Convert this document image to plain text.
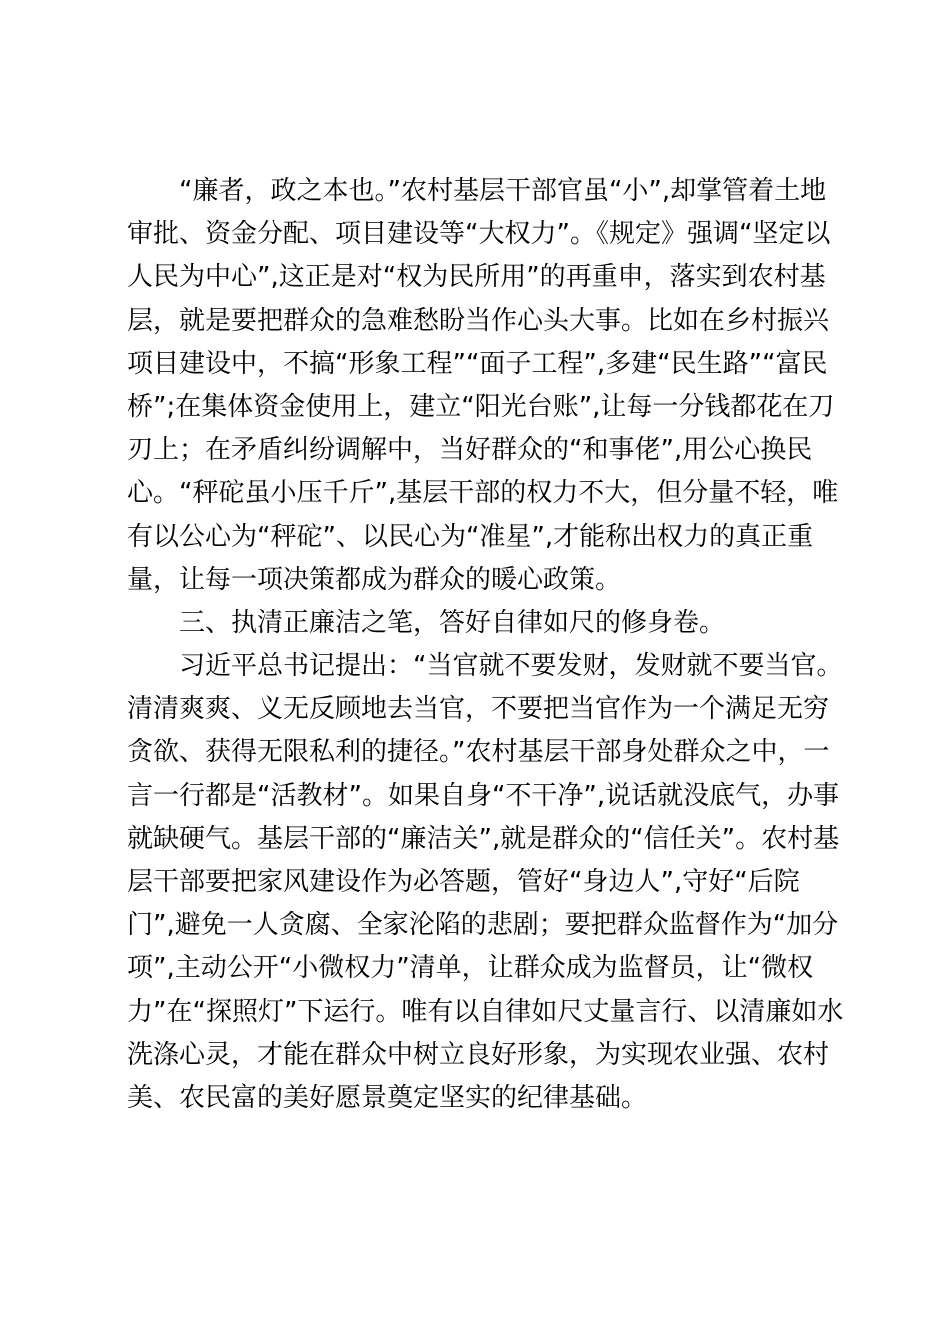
“廉者，政之本也。”农村基层干部官虽“小”,却掌管着土地
审批、资金分配、项目建设等“大权力”。《规定》强调“坚定以
人民为中心”,这正是对“权为民所用”的再重申，落实到农村基
层，就是要把群众的急难愁盼当作心头大事。比如在乡村振兴
项目建设中，不搞“形象工程”“面子工程”,多建“民生路”“富民
桥”;在集体资金使用上，建立“阳光台账”,让每一分钱都花在刀
刃上；在矛盾纠纷调解中，当好群众的“和事佬”,用公心换民
心。“秤砣虽小压千斤”,基层干部的权力不大，但分量不轻，唯
有以公心为“秤砣”、以民心为“准星”,才能称出权力的真正重
量，让每一项决策都成为群众的暖心政策。
三、执清正廉洁之笔，答好自律如尺的修身卷。
习近平总书记提出：“当官就不要发财，发财就不要当官。
清清爽爽、义无反顾地去当官，不要把当官作为一个满足无穷
贪欲、获得无限私利的捷径。”农村基层干部身处群众之中，一
言一行都是“活教材”。如果自身“不干净”,说话就没底气，办事
就缺硬气。基层干部的“廉洁关”,就是群众的“信任关”。农村基
层干部要把家风建设作为必答题，管好“身边人”,守好“后院
门”,避免一人贪腐、全家沦陷的悲剧；要把群众监督作为“加分
项”,主动公开“小微权力”清单，让群众成为监督员，让“微权
力”在“探照灯”下运行。唯有以自律如尺丈量言行、以清廉如水
洗涤心灵，才能在群众中树立良好形象，为实现农业强、农村
美、农民富的美好愿景奠定坚实的纪律基础。
